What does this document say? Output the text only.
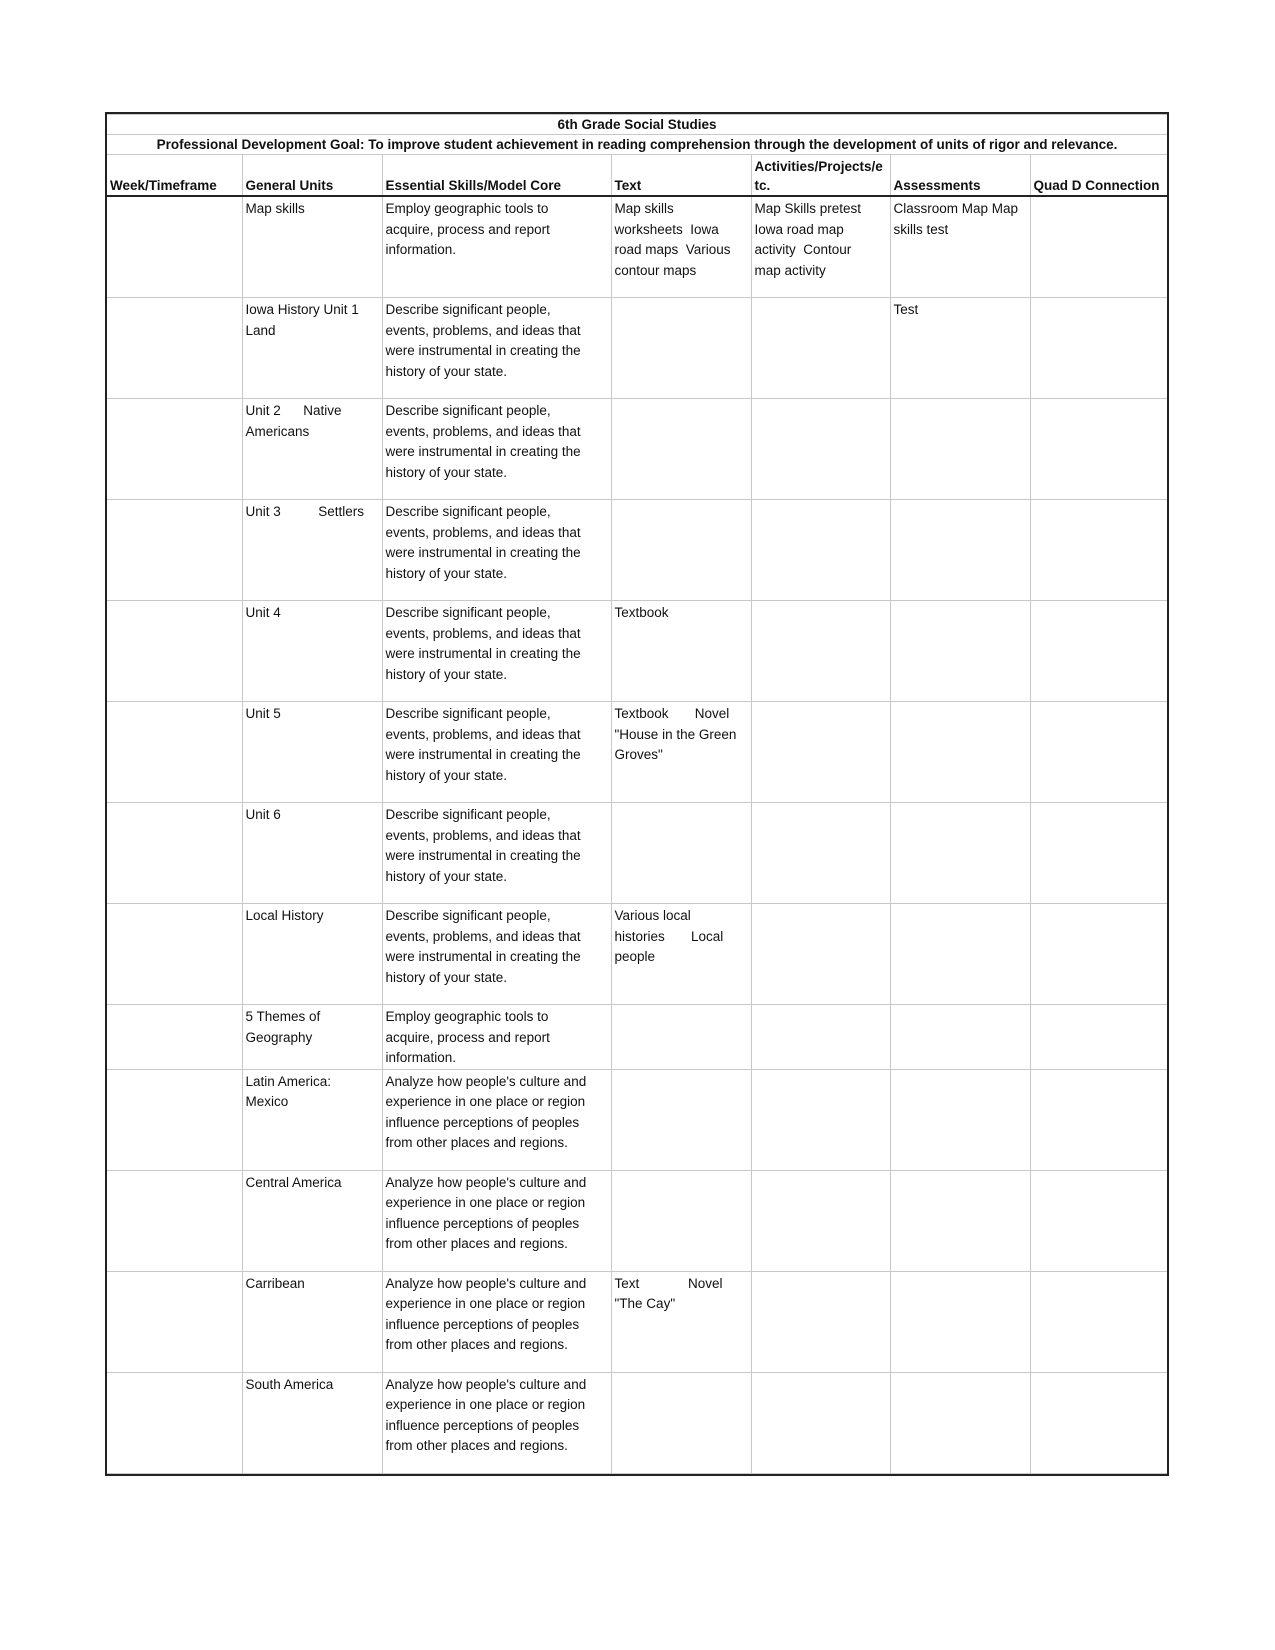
6th Grade Social Studies						
Professional Development Goal: To improve student achievement in reading comprehension through the development of units of rigor and relevance.						

Week/Timeframe	General Units	Essential Skills/Model Core	Text	Activities/Projects/e
tc.	Assessments	Quad D Connection

	Map skills	Employ geographic tools to
acquire, process and report
information.	Map skills
worksheets  Iowa
road maps  Various
contour maps	Map Skills pretest
Iowa road map
activity  Contour
map activity	Classroom Map Map
skills test	

	Iowa History Unit 1
Land	Describe significant people,
events, problems, and ideas that
were instrumental in creating the
history of your state.			Test	

	Unit 2      Native
Americans	Describe significant people,
events, problems, and ideas that
were instrumental in creating the
history of your state.				

	Unit 3          Settlers	Describe significant people,
events, problems, and ideas that
were instrumental in creating the
history of your state.				

	Unit 4	Describe significant people,
events, problems, and ideas that
were instrumental in creating the
history of your state.	Textbook			

	Unit 5	Describe significant people,
events, problems, and ideas that
were instrumental in creating the
history of your state.	Textbook       Novel
"House in the Green
Groves"			

	Unit 6	Describe significant people,
events, problems, and ideas that
were instrumental in creating the
history of your state.				

	Local History	Describe significant people,
events, problems, and ideas that
were instrumental in creating the
history of your state.	Various local
histories       Local
people			

	5 Themes of
Geography	Employ geographic tools to
acquire, process and report
information.				

	Latin America:
Mexico	Analyze how people's culture and
experience in one place or region
influence perceptions of peoples
from other places and regions.				

	Central America	Analyze how people's culture and
experience in one place or region
influence perceptions of peoples
from other places and regions.				

	Carribean	Analyze how people's culture and
experience in one place or region
influence perceptions of peoples
from other places and regions.	Text             Novel
"The Cay"			

	South America	Analyze how people's culture and
experience in one place or region
influence perceptions of peoples
from other places and regions.				
